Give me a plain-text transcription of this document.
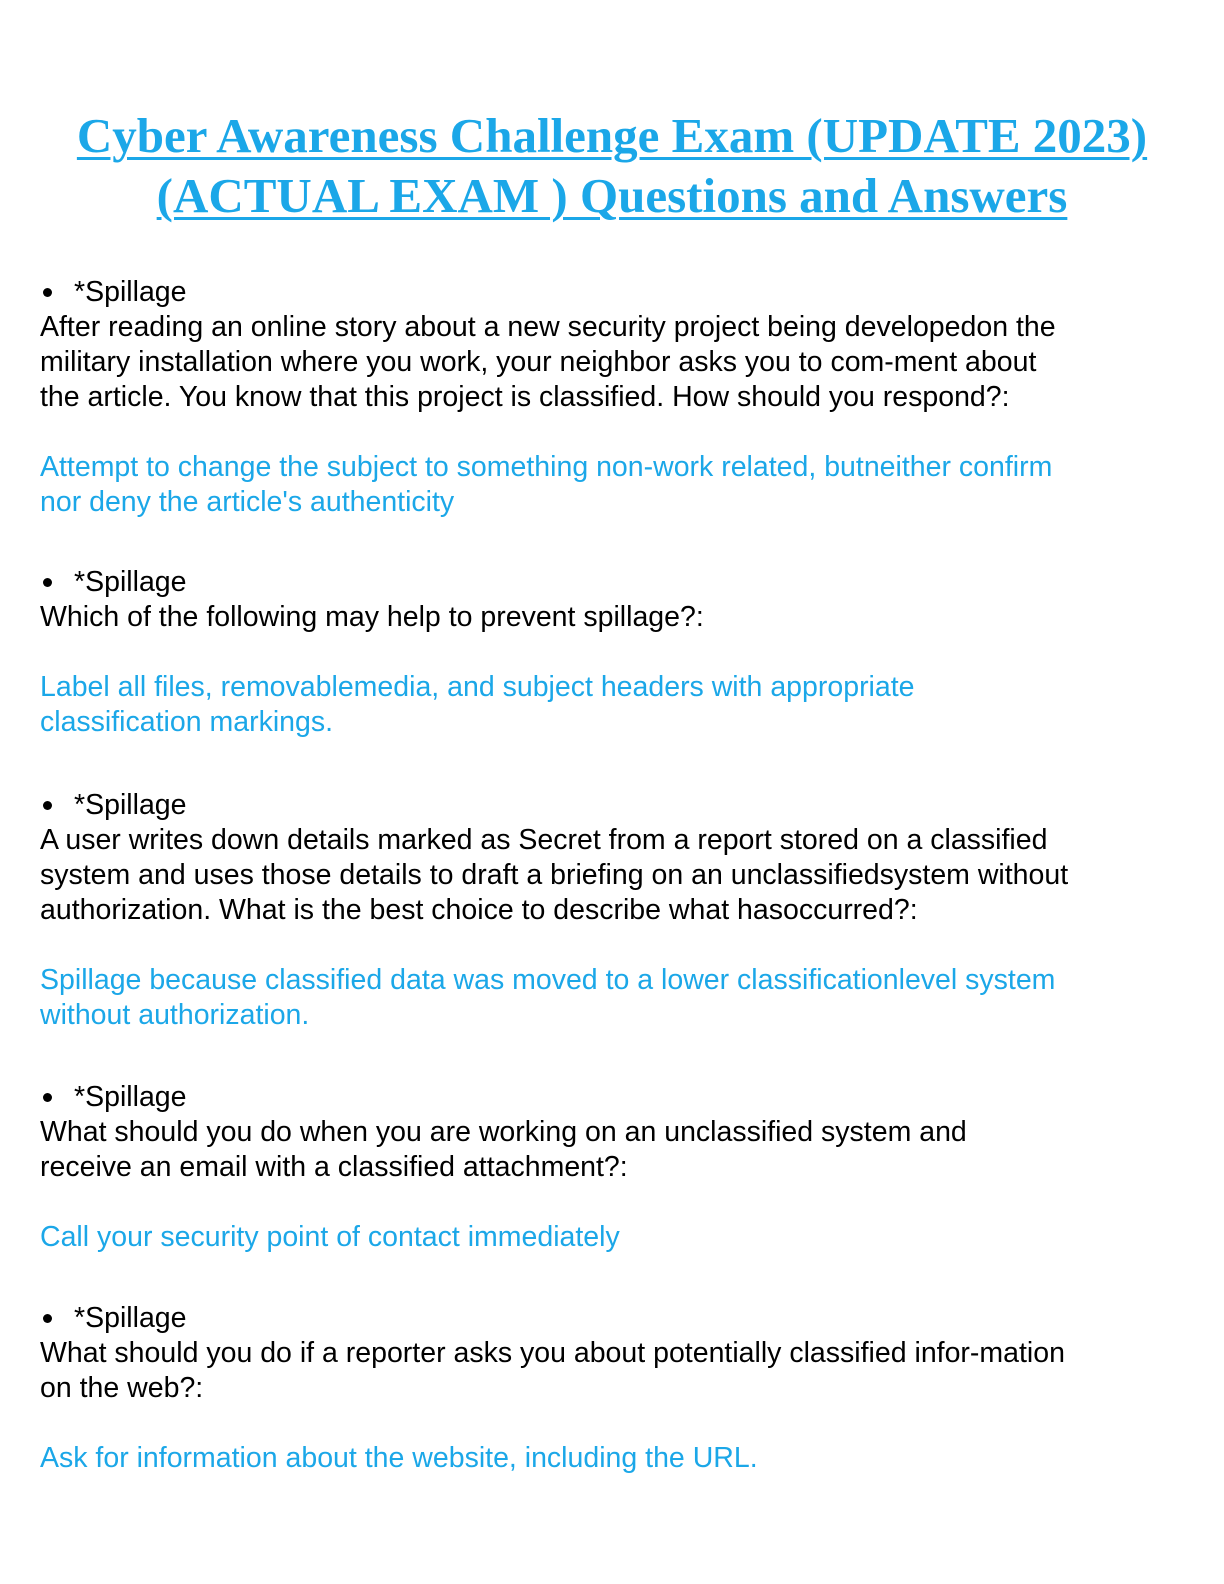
Cyber Awareness Challenge Exam (UPDATE 2023)
(ACTUAL EXAM ) Questions and Answers
*Spillage
After reading an online story about a new security project being developedon the
military installation where you work, your neighbor asks you to com-ment about
the article. You know that this project is classified. How should you respond?:
Attempt to change the subject to something non-work related, butneither confirm
nor deny the article's authenticity
*Spillage
Which of the following may help to prevent spillage?:
Label all files, removablemedia, and subject headers with appropriate
classification markings.
*Spillage
A user writes down details marked as Secret from a report stored on a classified
system and uses those details to draft a briefing on an unclassifiedsystem without
authorization. What is the best choice to describe what hasoccurred?:
Spillage because classified data was moved to a lower classificationlevel system
without authorization.
*Spillage
What should you do when you are working on an unclassified system and
receive an email with a classified attachment?:
Call your security point of contact immediately
*Spillage
What should you do if a reporter asks you about potentially classified infor-mation
on the web?:
Ask for information about the website, including the URL.
